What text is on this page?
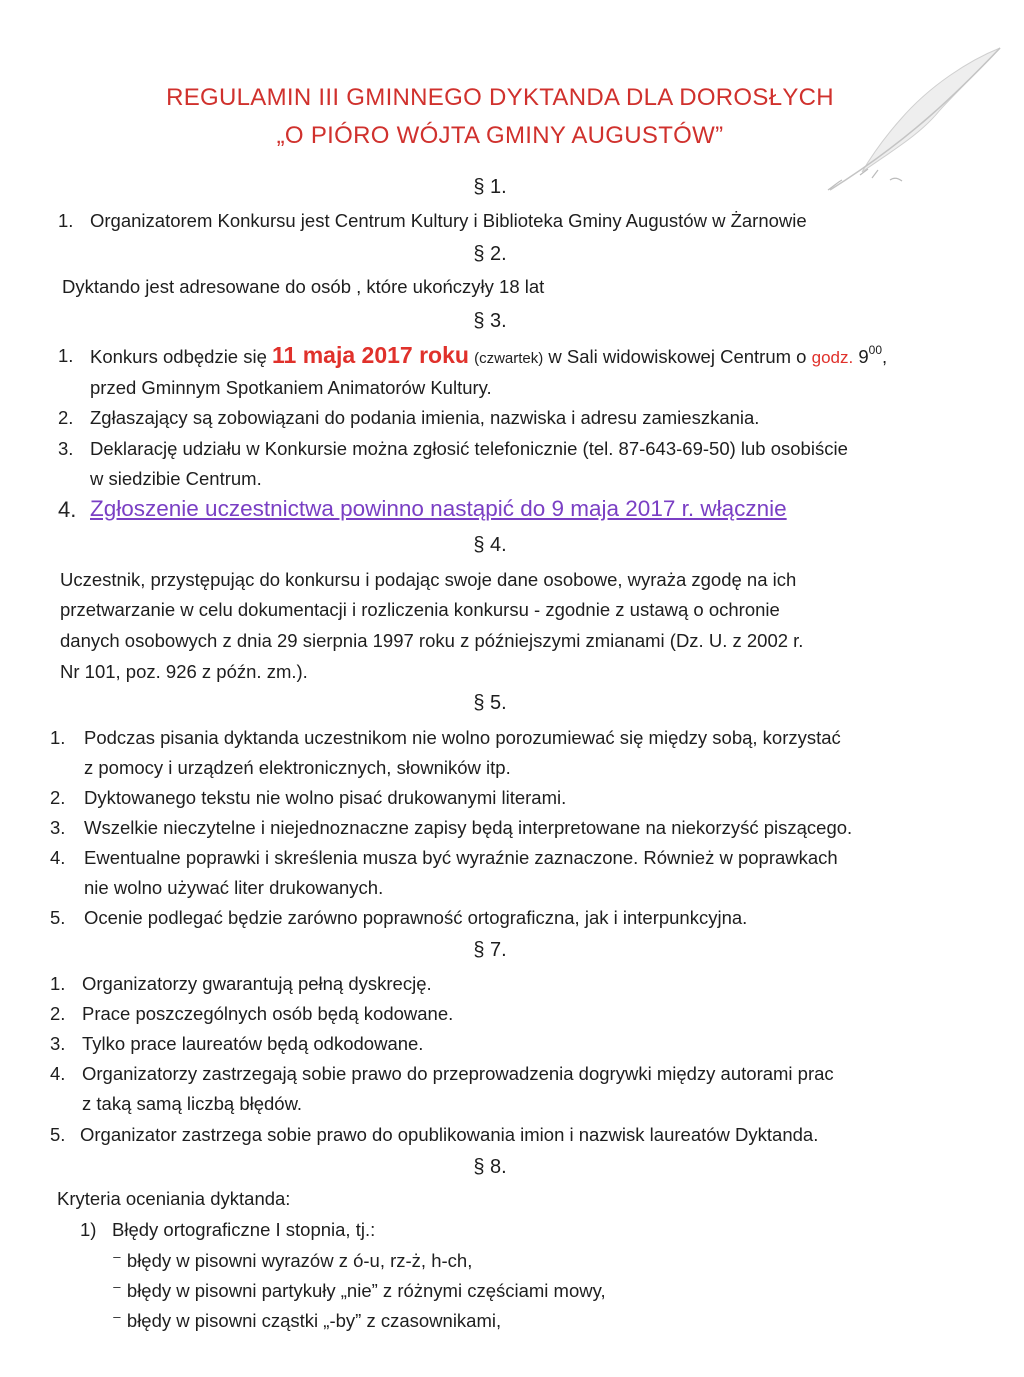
REGULAMIN III GMINNEGO DYKTANDA DLA DOROSŁYCH
„O PIÓRO WÓJTA GMINY AUGUSTÓW”
§ 1.
1. Organizatorem Konkursu jest Centrum Kultury i Biblioteka Gminy Augustów w Żarnowie
§ 2.
Dyktando jest adresowane do osób , które ukończyły 18 lat
§ 3.
1. Konkurs odbędzie się 11 maja 2017 roku (czwartek) w Sali widowiskowej Centrum o godz. $9^{00}$,
przed Gminnym Spotkaniem Animatorów Kultury.
2. Zgłaszający są zobowiązani do podania imienia, nazwiska i adresu zamieszkania.
3. Deklarację udziału w Konkursie można zgłosić telefonicznie (tel. 87-643-69-50) lub osobiście
w siedzibie Centrum.
4. Zgłoszenie uczestnictwa powinno nastąpić do 9 maja 2017 r. włącznie
§ 4.
Uczestnik, przystępując do konkursu i podając swoje dane osobowe, wyraża zgodę na ich
przetwarzanie w celu dokumentacji i rozliczenia konkursu - zgodnie z ustawą o ochronie
danych osobowych z dnia 29 sierpnia 1997 roku z późniejszymi zmianami (Dz. U. z 2002 r.
Nr 101, poz. 926 z późn. zm.).
§ 5.
1. Podczas pisania dyktanda uczestnikom nie wolno porozumiewać się między sobą, korzystać
z pomocy i urządzeń elektronicznych, słowników itp.
2. Dyktowanego tekstu nie wolno pisać drukowanymi literami.
3. Wszelkie nieczytelne i niejednoznaczne zapisy będą interpretowane na niekorzyść piszącego.
4. Ewentualne poprawki i skreślenia musza być wyraźnie zaznaczone. Również w poprawkach
nie wolno używać liter drukowanych.
5. Ocenie podlegać będzie zarówno poprawność ortograficzna, jak i interpunkcyjna.
§ 7.
1. Organizatorzy gwarantują pełną dyskrecję.
2. Prace poszczególnych osób będą kodowane.
3. Tylko prace laureatów będą odkodowane.
4. Organizatorzy zastrzegają sobie prawo do przeprowadzenia dogrywki między autorami prac
z taką samą liczbą błędów.
5. Organizator zastrzega sobie prawo do opublikowania imion i nazwisk laureatów Dyktanda.
§ 8.
Kryteria oceniania dyktanda:
1) Błędy ortograficzne I stopnia, tj.:
⁻ błędy w pisowni wyrazów z ó-u, rz-ż, h-ch,
⁻ błędy w pisowni partykuły „nie” z różnymi częściami mowy,
⁻ błędy w pisowni cząstki „-by” z czasownikami,
